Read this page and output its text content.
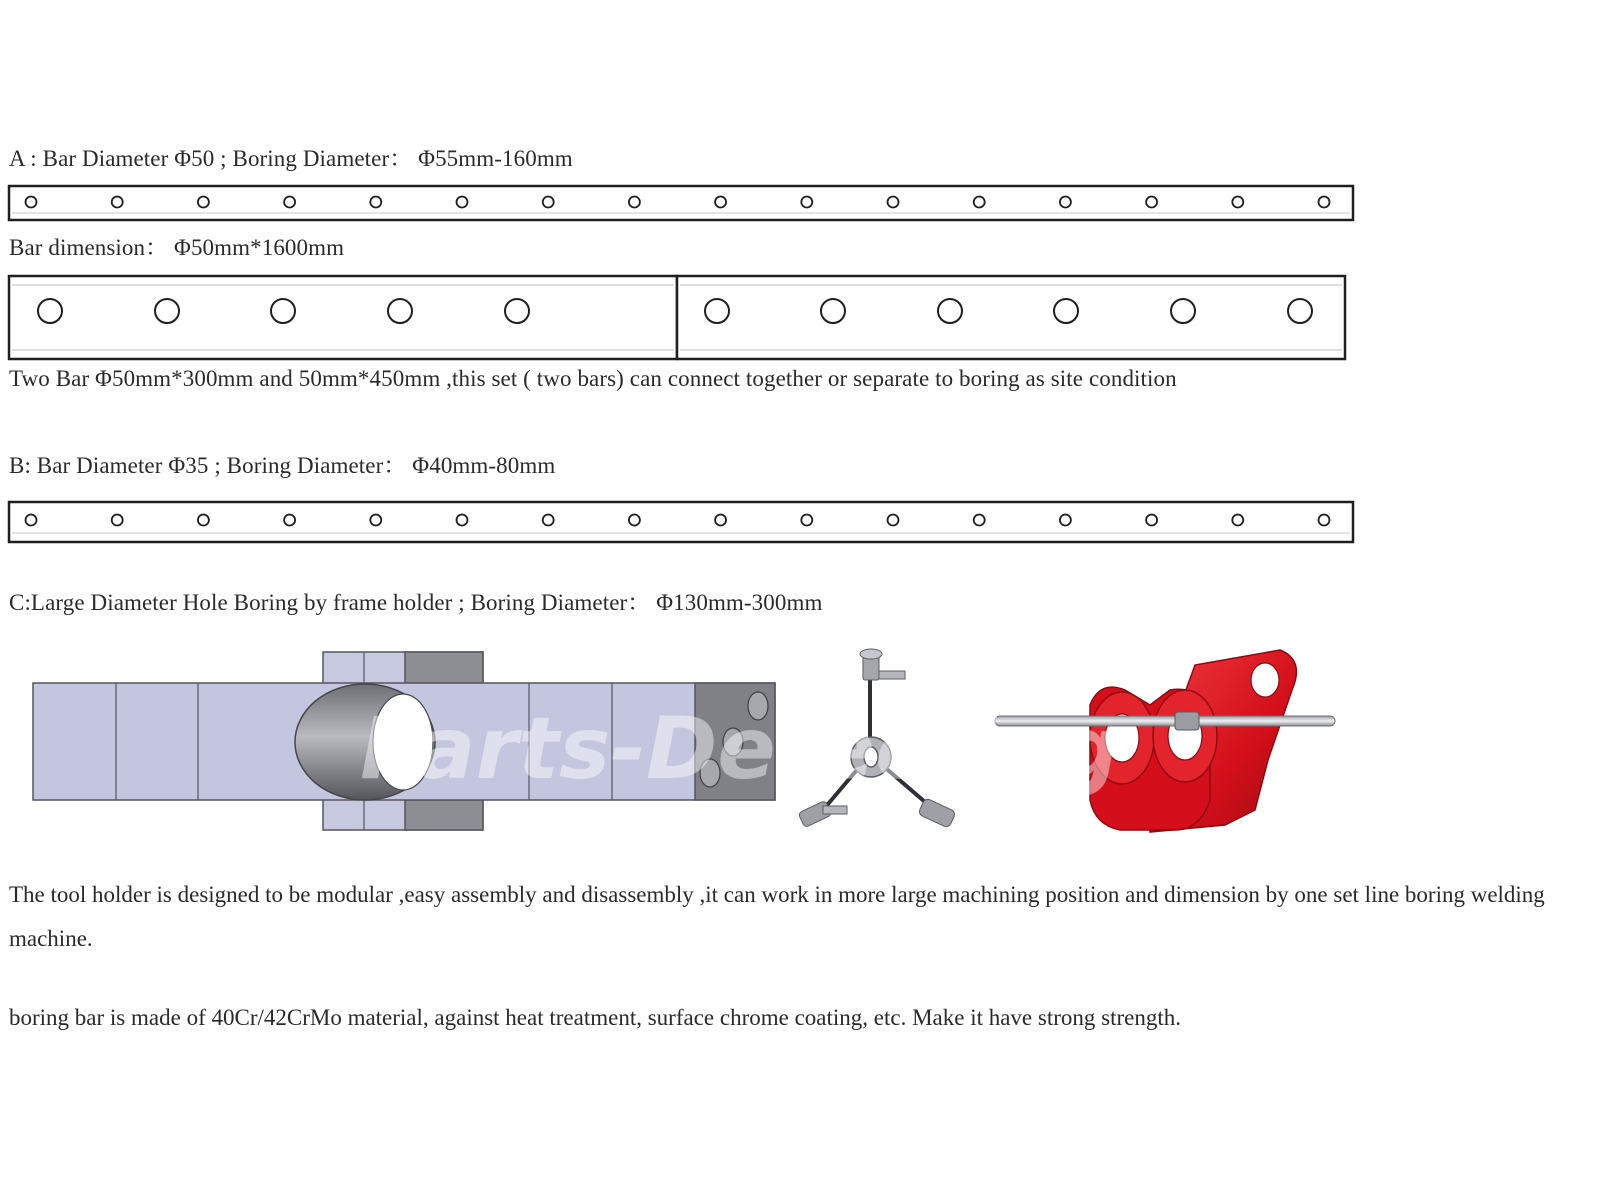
A : Bar Diameter Φ50 ; Boring Diameter： Φ55mm-160mm
Bar dimension： Φ50mm*1600mm
Two Bar Φ50mm*300mm and 50mm*450mm ,this set ( two bars) can connect together or separate to boring as site condition
B: Bar Diameter Φ35 ; Boring Diameter： Φ40mm-80mm
C:Large Diameter Hole Boring by frame holder ; Boring Diameter： Φ130mm-300mm
The tool holder is designed to be modular ,easy assembly and disassembly ,it can work in more large machining position and dimension by one set line boring welding machine.
boring bar is made of 40Cr/42CrMo material, against heat treatment, surface chrome coating, etc. Make it have strong strength.
Parts-Detecting
